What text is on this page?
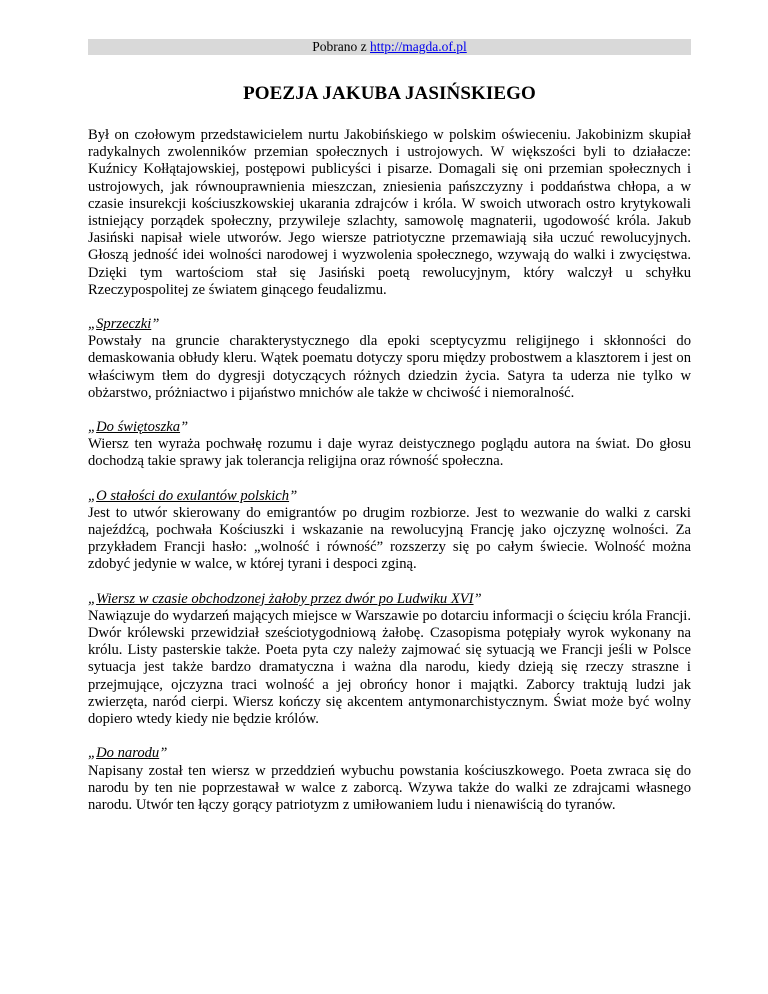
Pobrano z http://magda.of.pl
POEZJA JAKUBA JASIŃSKIEGO

Był on czołowym przedstawicielem nurtu Jakobińskiego w polskim oświeceniu. Jakobinizm skupiał radykalnych zwolenników przemian społecznych i ustrojowych. W większości byli to działacze: Kuźnicy Kołłątajowskiej, postępowi publicyści i pisarze. Domagali się oni przemian społecznych i ustrojowych, jak równouprawnienia mieszczan, zniesienia pańszczyzny i poddaństwa chłopa, a w czasie insurekcji kościuszkowskiej ukarania zdrajców i króla. W swoich utworach ostro krytykowali istniejący porządek społeczny, przywileje szlachty, samowolę magnaterii, ugodowość króla. Jakub Jasiński napisał wiele utworów. Jego wiersze patriotyczne przemawiają siła uczuć rewolucyjnych. Głoszą jedność idei wolności narodowej i wyzwolenia społecznego, wzywają do walki i zwycięstwa. Dzięki tym wartościom stał się Jasiński poetą rewolucyjnym, który walczył u schyłku Rzeczypospolitej ze światem ginącego feudalizmu.

„Sprzeczki”

Powstały na gruncie charakterystycznego dla epoki sceptycyzmu religijnego i skłonności do demaskowania obłudy kleru. Wątek poematu dotyczy sporu między probostwem a klasztorem i jest on właściwym tłem do dygresji dotyczących różnych dziedzin życia. Satyra ta uderza nie tylko w obżarstwo, próżniactwo i pijaństwo mnichów ale także w chciwość i niemoralność.

„Do świętoszka”

Wiersz ten wyraża pochwałę rozumu i daje wyraz deistycznego poglądu autora na świat. Do głosu dochodzą takie sprawy jak tolerancja religijna oraz równość społeczna.

„O stałości do exulantów polskich”

Jest to utwór skierowany do emigrantów po drugim rozbiorze. Jest to wezwanie do walki z carski najeźdźcą, pochwała Kościuszki i wskazanie na rewolucyjną Francję jako ojczyznę wolności. Za przykładem Francji hasło: „wolność i równość” rozszerzy się po całym świecie. Wolność można zdobyć jedynie w walce, w której tyrani i despoci zginą.

„Wiersz w czasie obchodzonej żałoby przez dwór po Ludwiku XVI”

Nawiązuje do wydarzeń mających miejsce w Warszawie po dotarciu informacji o ścięciu króla Francji. Dwór królewski przewidział sześciotygodniową żałobę. Czasopisma potępiały wyrok wykonany na królu. Listy pasterskie także. Poeta pyta czy należy zajmować się sytuacją we Francji jeśli w Polsce sytuacja jest także bardzo dramatyczna i ważna dla narodu, kiedy dzieją się rzeczy straszne i przejmujące, ojczyzna traci wolność a jej obrońcy honor i majątki. Zaborcy traktują ludzi jak zwierzęta, naród cierpi. Wiersz kończy się akcentem antymonarchistycznym. Świat może być wolny dopiero wtedy kiedy nie będzie królów.

„Do narodu”

Napisany został ten wiersz w przeddzień wybuchu powstania kościuszkowego. Poeta zwraca się do narodu by ten nie poprzestawał w walce z zaborcą. Wzywa także do walki ze zdrajcami własnego narodu. Utwór ten łączy gorący patriotyzm z umiłowaniem ludu i nienawiścią do tyranów.
